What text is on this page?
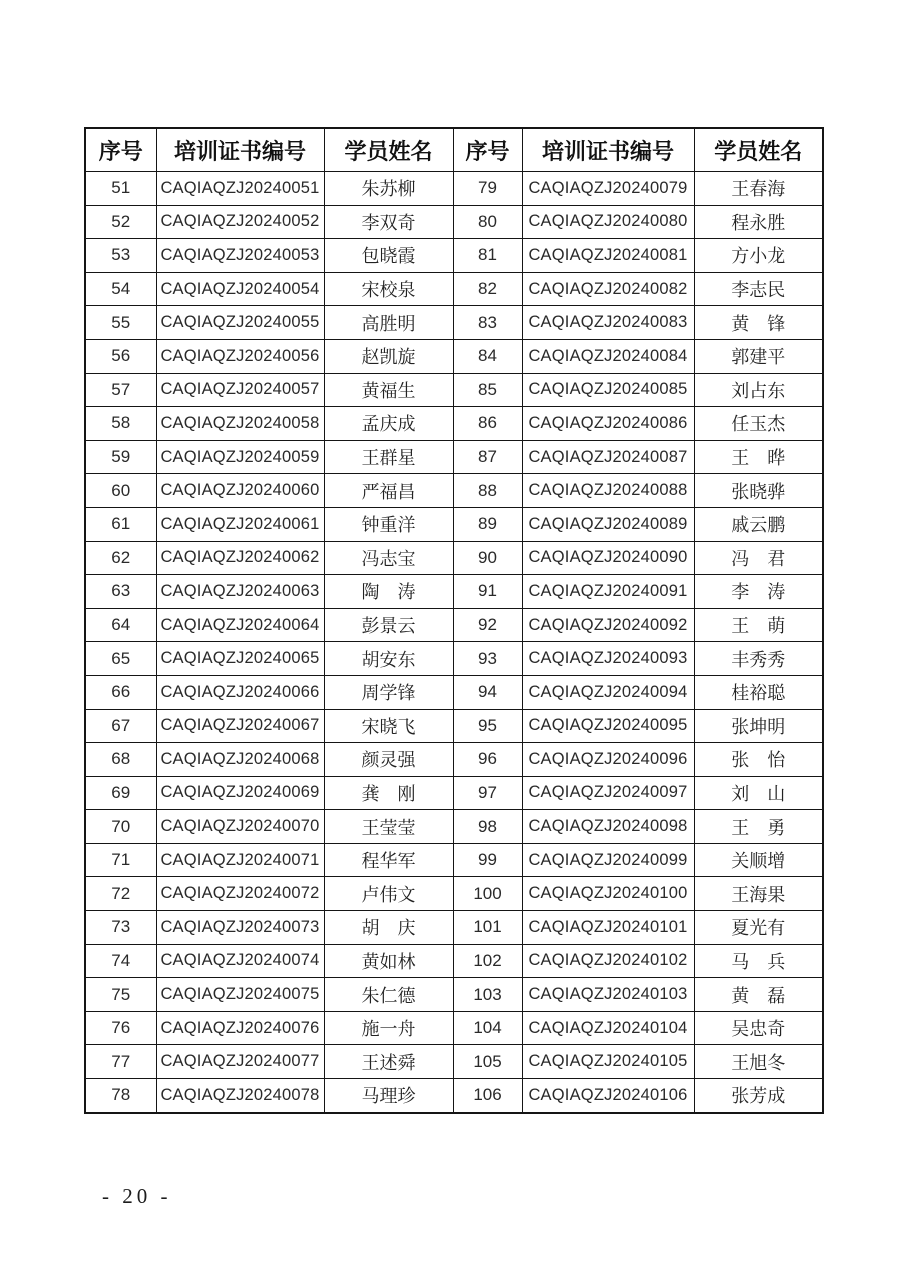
序号	培训证书编号	学员姓名	序号	培训证书编号	学员姓名
51	CAQIAQZJ20240051	朱苏柳	79	CAQIAQZJ20240079	王春海
52	CAQIAQZJ20240052	李双奇	80	CAQIAQZJ20240080	程永胜
53	CAQIAQZJ20240053	包晓霞	81	CAQIAQZJ20240081	方小龙
54	CAQIAQZJ20240054	宋校泉	82	CAQIAQZJ20240082	李志民
55	CAQIAQZJ20240055	高胜明	83	CAQIAQZJ20240083	黄　锋
56	CAQIAQZJ20240056	赵凯旋	84	CAQIAQZJ20240084	郭建平
57	CAQIAQZJ20240057	黄福生	85	CAQIAQZJ20240085	刘占东
58	CAQIAQZJ20240058	孟庆成	86	CAQIAQZJ20240086	任玉杰
59	CAQIAQZJ20240059	王群星	87	CAQIAQZJ20240087	王　晔
60	CAQIAQZJ20240060	严福昌	88	CAQIAQZJ20240088	张晓骅
61	CAQIAQZJ20240061	钟重洋	89	CAQIAQZJ20240089	戚云鹏
62	CAQIAQZJ20240062	冯志宝	90	CAQIAQZJ20240090	冯　君
63	CAQIAQZJ20240063	陶　涛	91	CAQIAQZJ20240091	李　涛
64	CAQIAQZJ20240064	彭景云	92	CAQIAQZJ20240092	王　萌
65	CAQIAQZJ20240065	胡安东	93	CAQIAQZJ20240093	丰秀秀
66	CAQIAQZJ20240066	周学锋	94	CAQIAQZJ20240094	桂裕聪
67	CAQIAQZJ20240067	宋晓飞	95	CAQIAQZJ20240095	张坤明
68	CAQIAQZJ20240068	颜灵强	96	CAQIAQZJ20240096	张　怡
69	CAQIAQZJ20240069	龚　刚	97	CAQIAQZJ20240097	刘　山
70	CAQIAQZJ20240070	王莹莹	98	CAQIAQZJ20240098	王　勇
71	CAQIAQZJ20240071	程华军	99	CAQIAQZJ20240099	关顺增
72	CAQIAQZJ20240072	卢伟文	100	CAQIAQZJ20240100	王海果
73	CAQIAQZJ20240073	胡　庆	101	CAQIAQZJ20240101	夏光有
74	CAQIAQZJ20240074	黄如林	102	CAQIAQZJ20240102	马　兵
75	CAQIAQZJ20240075	朱仁德	103	CAQIAQZJ20240103	黄　磊
76	CAQIAQZJ20240076	施一舟	104	CAQIAQZJ20240104	吴忠奇
77	CAQIAQZJ20240077	王述舜	105	CAQIAQZJ20240105	王旭冬
78	CAQIAQZJ20240078	马理珍	106	CAQIAQZJ20240106	张芳成
- 20 -
